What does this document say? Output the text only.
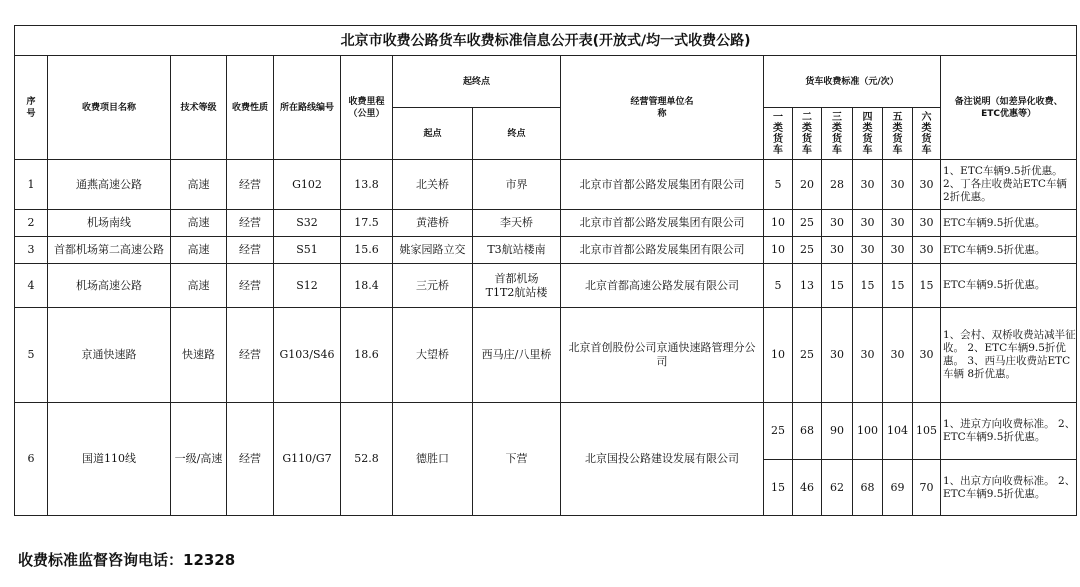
北京市收费公路货车收费标准信息公开表(开放式/均一式收费公路)															

序号	收费项目名称	技术等级	收费性质	所在路线编号	收费里程（公里）	起终点		经营管理单位名称	货车收费标准（元/次）						备注说明（如差异化收费、ETC优惠等）

						起点	终点		一类货车	二类货车	三类货车	四类货车	五类货车	六类货车	

1	通燕高速公路	高速	经营	G102	13.8	北关桥	市界	北京市首都公路发展集团有限公司	5	20	28	30	30	30	1、ETC车辆9.5折优惠。 2、丁各庄收费站ETC车辆 2折优惠。
2	机场南线	高速	经营	S32	17.5	黄港桥	李天桥	北京市首都公路发展集团有限公司	10	25	30	30	30	30	ETC车辆9.5折优惠。
3	首都机场第二高速公路	高速	经营	S51	15.6	姚家园路立交	T3航站楼南	北京市首都公路发展集团有限公司	10	25	30	30	30	30	ETC车辆9.5折优惠。
4	机场高速公路	高速	经营	S12	18.4	三元桥	首都机场 T1T2航站楼	北京首都高速公路发展有限公司	5	13	15	15	15	15	ETC车辆9.5折优惠。
5	京通快速路	快速路	经营	G103/S46	18.6	大望桥	西马庄/八里桥	北京首创股份公司京通快速路管理分公司	10	25	30	30	30	30	1、会村、双桥收费站减半征收。 2、ETC车辆9.5折优惠。 3、西马庄收费站ETC车辆 8折优惠。
6	国道110线	一级/高速	经营	G110/G7	52.8	德胜口	下营	北京国投公路建设发展有限公司	25	68	90	100	104	105	1、进京方向收费标准。 2、ETC车辆9.5折优惠。
									15	46	62	68	69	70	1、出京方向收费标准。 2、ETC车辆9.5折优惠。
收费标准监督咨询电话：12328
